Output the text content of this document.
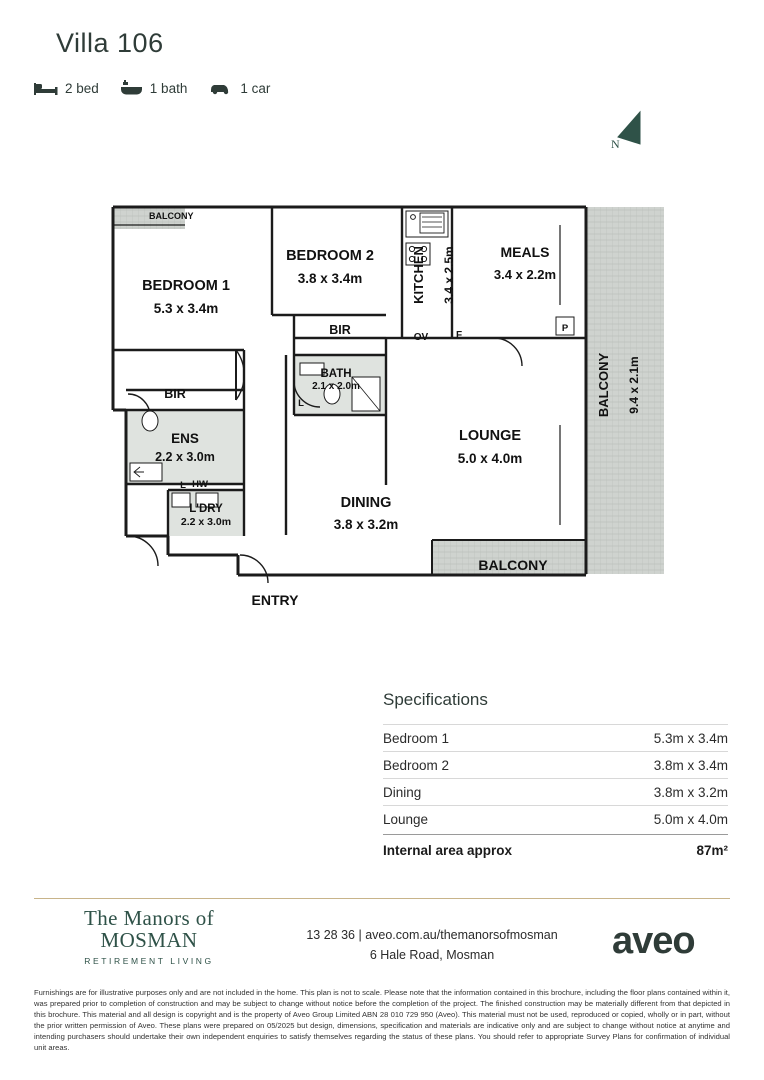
Villa 106
2 bed	1 bath	1 car
N
BALCONY
BEDROOM 1
5.3 x 3.4m
BEDROOM 2
3.8 x 3.4m
BIR
BIR
KITCHEN 3.4 x 2.5m	MEALS
3.4 x 2.2m
BALCONY 9.4 x 2.1m
LOUNGE
5.0 x 4.0m
DINING
3.8 x 3.2m
BATH
2.1 x 2.0m
ENS
2.2 x 3.0m
L'DRY
2.2 x 3.0m
HW
OV	F
P
L
L
BALCONY
ENTRY
Specifications
Bedroom 1	5.3m x 3.4m
Bedroom 2	3.8m x 3.4m
Dining	3.8m x 3.2m
Lounge	5.0m x 4.0m
Internal area approx	87m²
The Manors of
MOSMAN
RETIREMENT LIVING
13 28 36 | aveo.com.au/themanorsofmosman
6 Hale Road, Mosman	aveo
Furnishings are for illustrative purposes only and are not included in the home. This plan is not to scale. Please note that the information contained in this brochure, including the floor plans contained within it, was prepared prior to completion of construction and may be subject to change without notice before the completion of the project. The finished construction may be materially different from that depicted in this brochure. This material and all design is copyright and is the property of Aveo Group Limited ABN 28 010 729 950 (Aveo). This material must not be used, reproduced or copied, wholly or in part, without the prior written permission of Aveo. These plans were prepared on 05/2025 but design, dimensions, specification and materials are indicative only and are subject to change without notice at anytime and intending purchasers should undertake their own independent enquiries to satisfy themselves regarding the status of these plans. You should refer to appropriate Survey Plans for confirmation of individual unit areas.
